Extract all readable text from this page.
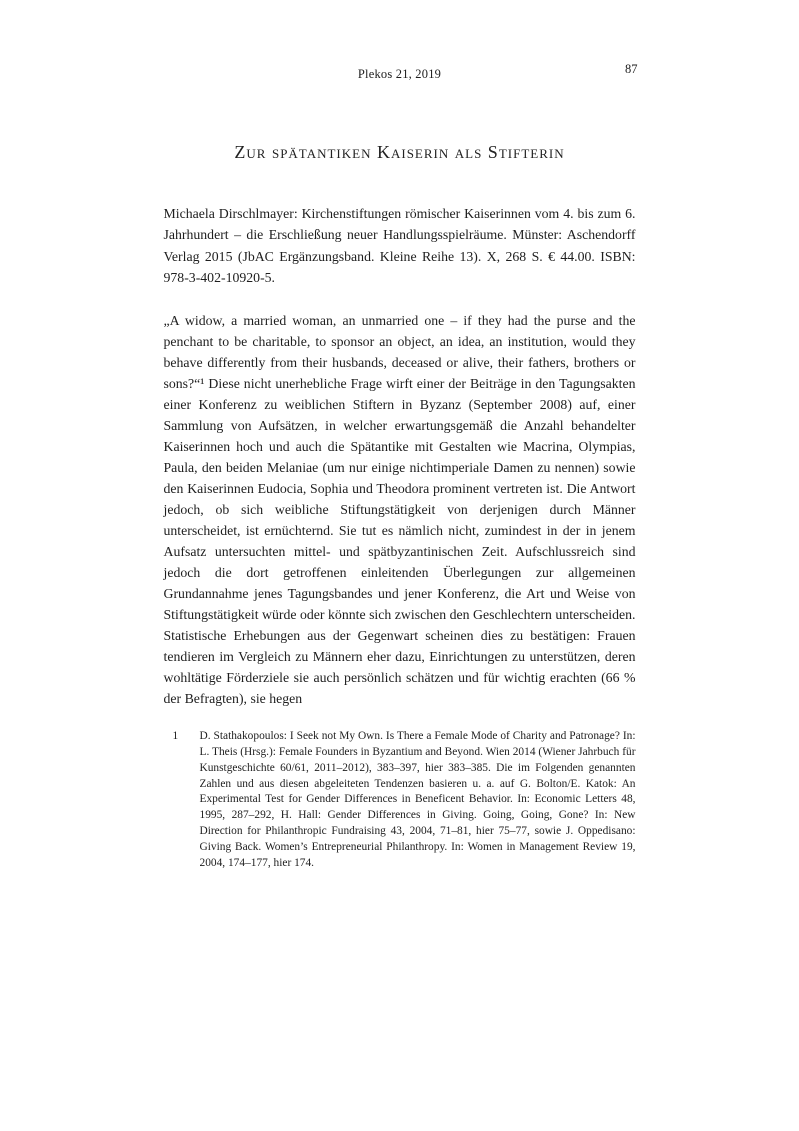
Plekos 21, 2019	87
Zur spätantiken Kaiserin als Stifterin

Michaela Dirschlmayer: Kirchenstiftungen römischer Kaiserinnen vom 4. bis zum 6. Jahrhundert – die Erschließung neuer Handlungsspielräume. Münster: Aschendorff Verlag 2015 (JbAC Ergänzungsband. Kleine Reihe 13). X, 268 S. € 44.00. ISBN: 978-3-402-10920-5.

„A widow, a married woman, an unmarried one – if they had the purse and the penchant to be charitable, to sponsor an object, an idea, an institution, would they behave differently from their husbands, deceased or alive, their fathers, brothers or sons?“¹ Diese nicht unerhebliche Frage wirft einer der Beiträge in den Tagungsakten einer Konferenz zu weiblichen Stiftern in Byzanz (September 2008) auf, einer Sammlung von Aufsätzen, in welcher erwartungsgemäß die Anzahl behandelter Kaiserinnen hoch und auch die Spätantike mit Gestalten wie Macrina, Olympias, Paula, den beiden Melaniae (um nur einige nichtimperiale Damen zu nennen) sowie den Kaiserinnen Eudocia, Sophia und Theodora prominent vertreten ist. Die Antwort jedoch, ob sich weibliche Stiftungstätigkeit von derjenigen durch Männer unterscheidet, ist ernüchternd. Sie tut es nämlich nicht, zumindest in der in jenem Aufsatz untersuchten mittel- und spätbyzantinischen Zeit. Aufschlussreich sind jedoch die dort getroffenen einleitenden Überlegungen zur allgemeinen Grundannahme jenes Tagungsbandes und jener Konferenz, die Art und Weise von Stiftungstätigkeit würde oder könnte sich zwischen den Geschlechtern unterscheiden. Statistische Erhebungen aus der Gegenwart scheinen dies zu bestätigen: Frauen tendieren im Vergleich zu Männern eher dazu, Einrichtungen zu unterstützen, deren wohltätige Förderziele sie auch persönlich schätzen und für wichtig erachten (66 % der Befragten), sie hegen

1	D. Stathakopoulos: I Seek not My Own. Is There a Female Mode of Charity and Patronage? In: L. Theis (Hrsg.): Female Founders in Byzantium and Beyond. Wien 2014 (Wiener Jahrbuch für Kunstgeschichte 60/61, 2011–2012), 383–397, hier 383–385. Die im Folgenden genannten Zahlen und aus diesen abgeleiteten Tendenzen basieren u. a. auf G. Bolton/E. Katok: An Experimental Test for Gender Differences in Beneficent Behavior. In: Economic Letters 48, 1995, 287–292, H. Hall: Gender Differences in Giving. Going, Going, Gone? In: New Direction for Philanthropic Fundraising 43, 2004, 71–81, hier 75–77, sowie J. Oppedisano: Giving Back. Women’s Entrepreneurial Philanthropy. In: Women in Management Review 19, 2004, 174–177, hier 174.
